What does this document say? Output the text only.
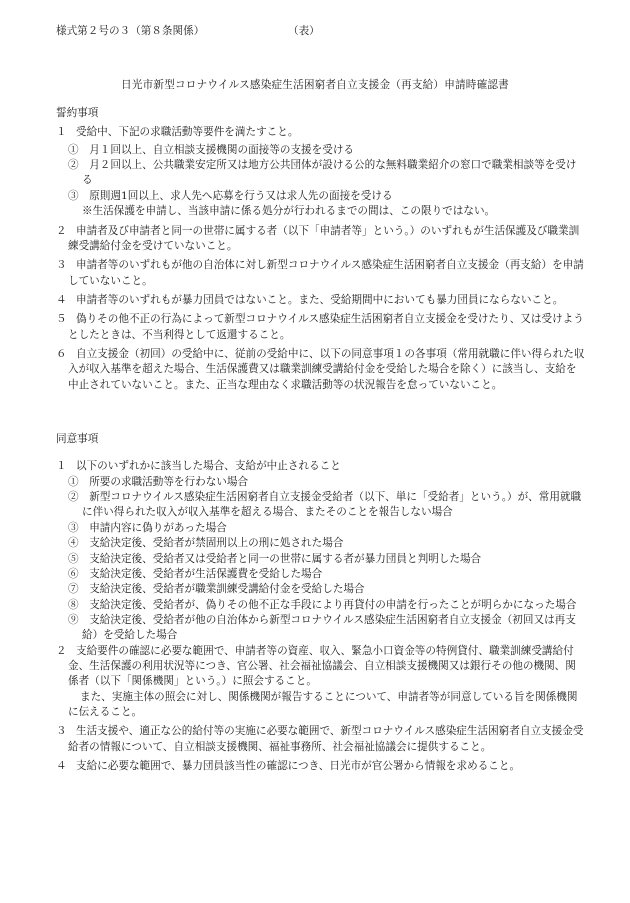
様式第２号の３（第８条関係）	（表）
日光市新型コロナウイルス感染症生活困窮者自立支援金（再支給）申請時確認書
誓約事項

１ 受給中、下記の求職活動等要件を満たすこと。

①　 月１回以上、自立相談支援機関の面接等の支援を受ける

②　 月２回以上、公共職業安定所又は地方公共団体が設ける公的な無料職業紹介の窓口で職業相談等を受ける

③　 原則週1回以上、求人先へ応募を行う又は求人先の面接を受ける

※生活保護を申請し、当該申請に係る処分が行われるまでの間は、この限りではない。

２ 申請者及び申請者と同一の世帯に属する者（以下「申請者等」という。）のいずれもが生活保護及び職業訓練受講給付金を受けていないこと。

３ 申請者等のいずれもが他の自治体に対し新型コロナウイルス感染症生活困窮者自立支援金（再支給）を申請していないこと。

４ 申請者等のいずれもが暴力団員ではないこと。また、受給期間中においても暴力団員にならないこと。

５ 偽りその他不正の行為によって新型コロナウイルス感染症生活困窮者自立支援金を受けたり、又は受けようとしたときは、不当利得として返還すること。

６ 自立支援金（初回）の受給中に、従前の受給中に、以下の同意事項１の各事項（常用就職に伴い得られた収入が収入基準を超えた場合、生活保護費又は職業訓練受講給付金を受給した場合を除く）に該当し、支給を中止されていないこと。また、正当な理由なく求職活動等の状況報告を怠っていないこと。

同意事項

１ 以下のいずれかに該当した場合、支給が中止されること

①　 所要の求職活動等を行わない場合

②　 新型コロナウイルス感染症生活困窮者自立支援金受給者（以下、単に「受給者」という。）が、常用就職に伴い得られた収入が収入基準を超える場合、またそのことを報告しない場合

③　 申請内容に偽りがあった場合

④　 支給決定後、受給者が禁固刑以上の刑に処された場合

⑤　 支給決定後、受給者又は受給者と同一の世帯に属する者が暴力団員と判明した場合

⑥　 支給決定後、受給者が生活保護費を受給した場合

⑦　 支給決定後、受給者が職業訓練受講給付金を受給した場合

⑧　 支給決定後、受給者が、偽りその他不正な手段により再貸付の申請を行ったことが明らかになった場合

⑨　 支給決定後、受給者が他の自治体から新型コロナウイルス感染症生活困窮者自立支援金（初回又は再支給）を受給した場合

２ 支給要件の確認に必要な範囲で、申請者等の資産、収入、緊急小口資金等の特例貸付、職業訓練受講給付金、生活保護の利用状況等につき、官公署、社会福祉協議会、自立相談支援機関又は銀行その他の機関、関係者（以下「関係機関」という。）に照会すること。

また、実施主体の照会に対し、関係機関が報告することについて、申請者等が同意している旨を関係機関に伝えること。

３ 生活支援や、適正な公的給付等の実施に必要な範囲で、新型コロナウイルス感染症生活困窮者自立支援金受給者の情報について、自立相談支援機関、福祉事務所、社会福祉協議会に提供すること。

４ 支給に必要な範囲で、暴力団員該当性の確認につき、日光市が官公署から情報を求めること。
